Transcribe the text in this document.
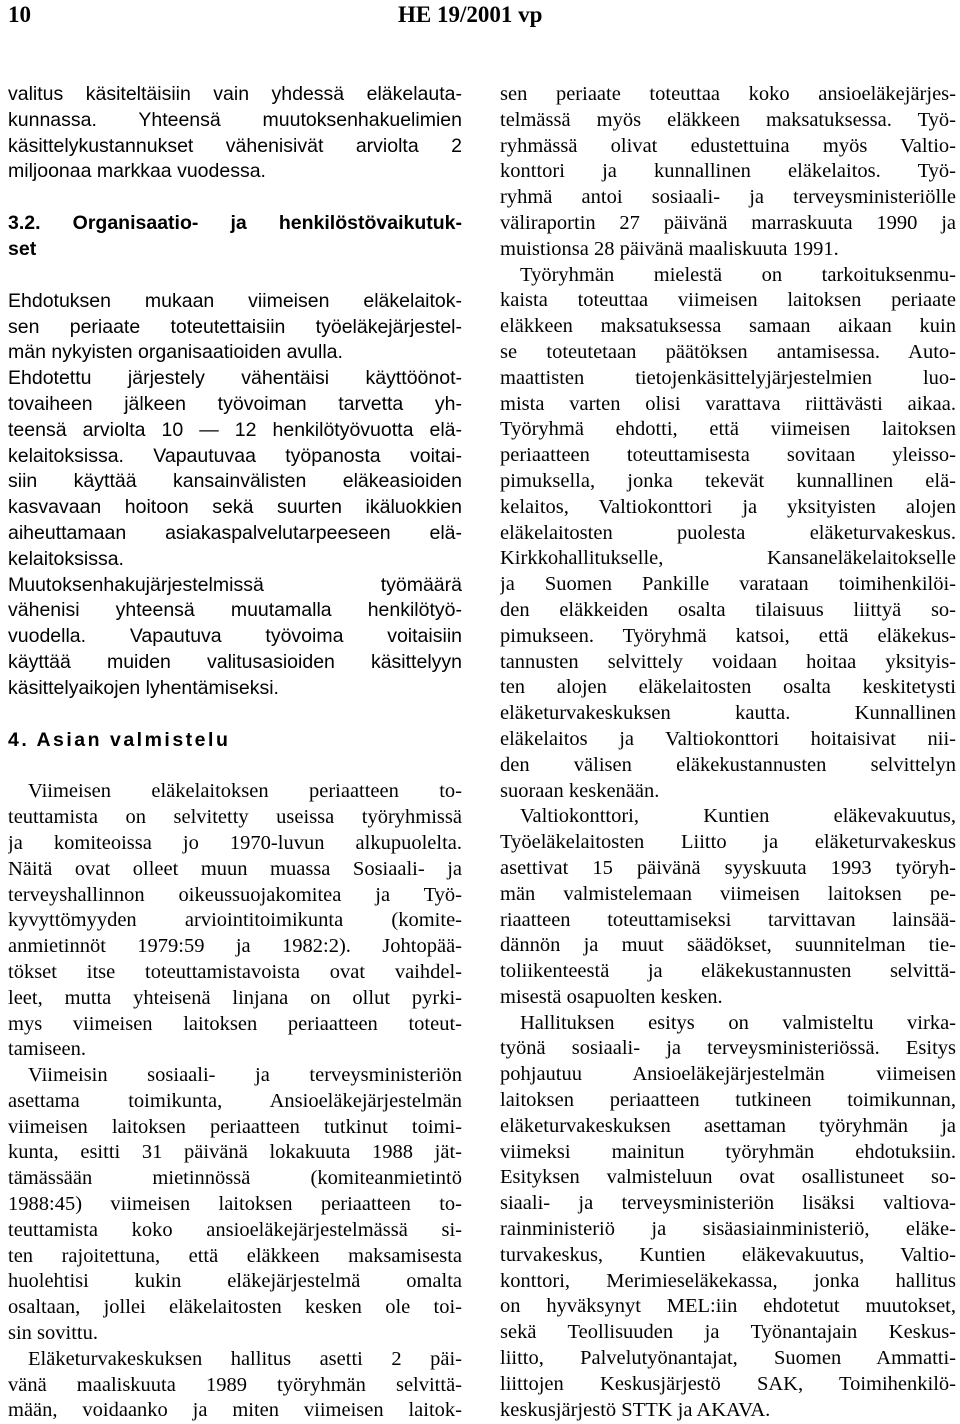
10	HE 19/2001 vp
valitus käsiteltäisiin vain yhdessä eläkelauta-
kunnassa. Yhteensä muutoksenhakuelimien
käsittelykustannukset vähenisivät arviolta 2
miljoonaa markkaa vuodessa.
3.2. Organisaatio- ja henkilöstövaikutuk-
set
Ehdotuksen mukaan viimeisen eläkelaitok-
sen periaate toteutettaisiin työeläkejärjestel-
män nykyisten organisaatioiden avulla.
Ehdotettu järjestely vähentäisi käyttöönot-
tovaiheen jälkeen työvoiman tarvetta yh-
teensä arviolta 10 — 12 henkilötyövuotta elä-
kelaitoksissa. Vapautuvaa työpanosta voitai-
siin käyttää kansainvälisten eläkeasioiden
kasvavaan hoitoon sekä suurten ikäluokkien
aiheuttamaan asiakaspalvelutarpeeseen elä-
kelaitoksissa.
Muutoksenhakujärjestelmissä työmäärä
vähenisi yhteensä muutamalla henkilötyö-
vuodella. Vapautuva työvoima voitaisiin
käyttää muiden valitusasioiden käsittelyyn
käsittelyaikojen lyhentämiseksi.
4. Asian valmistelu
Viimeisen eläkelaitoksen periaatteen to-
teuttamista on selvitetty useissa työryhmissä
ja komiteoissa jo 1970-luvun alkupuolelta.
Näitä ovat olleet muun muassa Sosiaali- ja
terveyshallinnon oikeussuojakomitea ja Työ-
kyvyttömyyden arviointitoimikunta (komite-
anmietinnöt 1979:59 ja 1982:2). Johtopää-
tökset itse toteuttamistavoista ovat vaihdel-
leet, mutta yhteisenä linjana on ollut pyrki-
mys viimeisen laitoksen periaatteen toteut-
tamiseen.
Viimeisin sosiaali- ja terveysministeriön
asettama toimikunta, Ansioeläkejärjestelmän
viimeisen laitoksen periaatteen tutkinut toimi-
kunta, esitti 31 päivänä lokakuuta 1988 jät-
tämässään mietinnössä (komiteanmietintö
1988:45) viimeisen laitoksen periaatteen to-
teuttamista koko ansioeläkejärjestelmässä si-
ten rajoitettuna, että eläkkeen maksamisesta
huolehtisi kukin eläkejärjestelmä omalta
osaltaan, jollei eläkelaitosten kesken ole toi-
sin sovittu.
Eläketurvakeskuksen hallitus asetti 2 päi-
vänä maaliskuuta 1989 työryhmän selvittä-
mään, voidaanko ja miten viimeisen laitok-
sen periaate toteuttaa koko ansioeläkejärjes-
telmässä myös eläkkeen maksatuksessa. Työ-
ryhmässä olivat edustettuina myös Valtio-
konttori ja kunnallinen eläkelaitos. Työ-
ryhmä antoi sosiaali- ja terveysministeriölle
väliraportin 27 päivänä marraskuuta 1990 ja
muistionsa 28 päivänä maaliskuuta 1991.
Työryhmän mielestä on tarkoituksenmu-
kaista toteuttaa viimeisen laitoksen periaate
eläkkeen maksatuksessa samaan aikaan kuin
se toteutetaan päätöksen antamisessa. Auto-
maattisten tietojenkäsittelyjärjestelmien luo-
mista varten olisi varattava riittävästi aikaa.
Työryhmä ehdotti, että viimeisen laitoksen
periaatteen toteuttamisesta sovitaan yleisso-
pimuksella, jonka tekevät kunnallinen elä-
kelaitos, Valtiokonttori ja yksityisten alojen
eläkelaitosten puolesta eläketurvakeskus.
Kirkkohallitukselle, Kansaneläkelaitokselle
ja Suomen Pankille varataan toimihenkilöi-
den eläkkeiden osalta tilaisuus liittyä so-
pimukseen. Työryhmä katsoi, että eläkekus-
tannusten selvittely voidaan hoitaa yksityis-
ten alojen eläkelaitosten osalta keskitetysti
eläketurvakeskuksen kautta. Kunnallinen
eläkelaitos ja Valtiokonttori hoitaisivat nii-
den välisen eläkekustannusten selvittelyn
suoraan keskenään.
Valtiokonttori, Kuntien eläkevakuutus,
Työeläkelaitosten Liitto ja eläketurvakeskus
asettivat 15 päivänä syyskuuta 1993 työryh-
män valmistelemaan viimeisen laitoksen pe-
riaatteen toteuttamiseksi tarvittavan lainsää-
dännön ja muut säädökset, suunnitelman tie-
toliikenteestä ja eläkekustannusten selvittä-
misestä osapuolten kesken.
Hallituksen esitys on valmisteltu virka-
työnä sosiaali- ja terveysministeriössä. Esitys
pohjautuu Ansioeläkejärjestelmän viimeisen
laitoksen periaatteen tutkineen toimikunnan,
eläketurvakeskuksen asettaman työryhmän ja
viimeksi mainitun työryhmän ehdotuksiin.
Esityksen valmisteluun ovat osallistuneet so-
siaali- ja terveysministeriön lisäksi valtiova-
rainministeriö ja sisäasiainministeriö, eläke-
turvakeskus, Kuntien eläkevakuutus, Valtio-
konttori, Merimieseläkekassa, jonka hallitus
on hyväksynyt MEL:iin ehdotetut muutokset,
sekä Teollisuuden ja Työnantajain Keskus-
liitto, Palvelutyönantajat, Suomen Ammatti-
liittojen Keskusjärjestö SAK, Toimihenkilö-
keskusjärjestö STTK ja AKAVA.
